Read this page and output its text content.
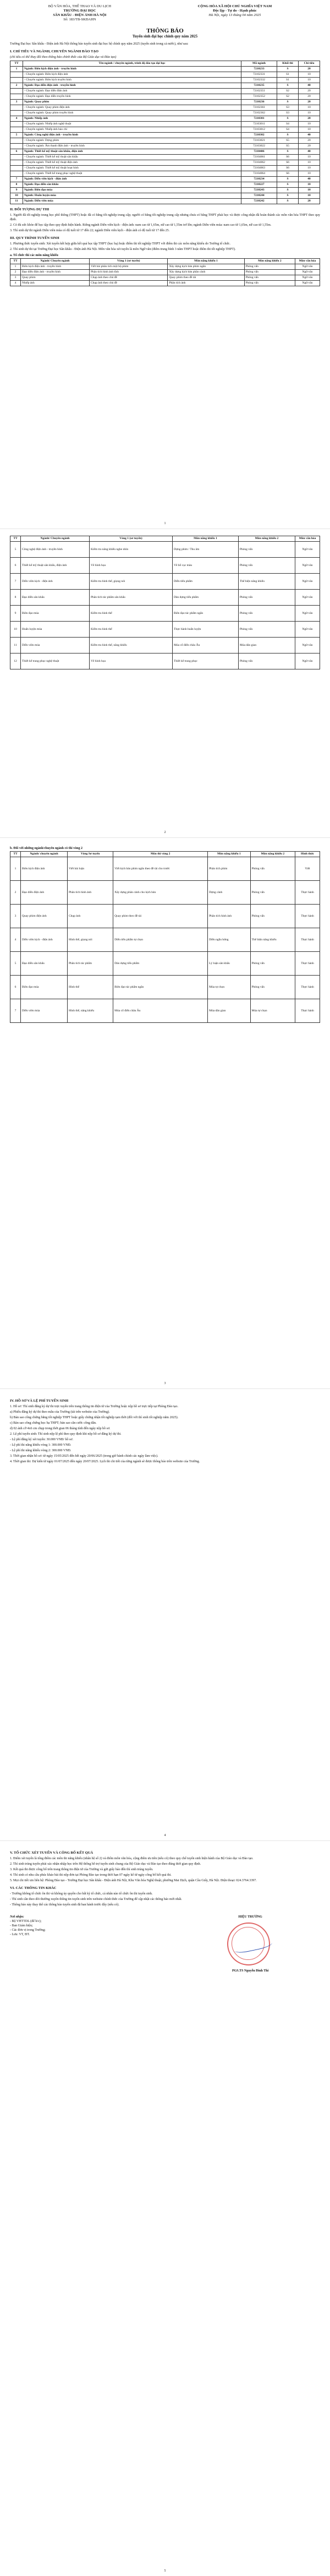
BỘ VĂN HÓA, THỂ THAO VÀ DU LỊCH
TRƯỜNG ĐẠI HỌC
SÂN KHẤU - ĐIỆN ẢNH HÀ NỘI
Số: 183/TB-SKĐAHN
CỘNG HÒA XÃ HỘI CHỦ NGHĨA VIỆT NAM
Độc lập - Tự do - Hạnh phúc
Hà Nội, ngày 13 tháng 04 năm 2025
THÔNG BÁO
Tuyển sinh đại học chính quy năm 2025
Trường Đại học Sân khấu - Điện ảnh Hà Nội thông báo tuyển sinh đại học hệ chính quy năm 2025 (tuyển sinh trong cả nước), như sau:
I. CHỈ TIÊU VÀ NGÀNH, CHUYÊN NGÀNH ĐÀO TẠO
(chỉ tiêu có thể thay đổi theo thông báo chính thức của Bộ Giáo dục và Đào tạo)
TT	Tên ngành / chuyên ngành, trình độ đào tạo đại học	Mã ngành	Khối thi	Chỉ tiêu
1	Ngành: Biên kịch điện ảnh - truyền hình	7210233	S	20
	- Chuyên ngành: Biên kịch điện ảnh	72102331	S1	10
	- Chuyên ngành: Biên kịch truyền hình	72102332	S1	10
2	Ngành: Đạo diễn điện ảnh - truyền hình	7210235	S	40
	- Chuyên ngành: Đạo diễn điện ảnh	72102351	S2	20
	- Chuyên ngành: Đạo diễn truyền hình	72102352	S2	20
3	Ngành: Quay phim	7210236	S	20
	- Chuyên ngành: Quay phim điện ảnh	72102361	S3	10
	- Chuyên ngành: Quay phim truyền hình	72102362	S3	10
4	Ngành: Nhiếp ảnh	7210301	S	20
	- Chuyên ngành: Nhiếp ảnh nghệ thuật	72103011	S4	10
	- Chuyên ngành: Nhiếp ảnh báo chí	72103012	S4	10
5	Ngành: Công nghệ điện ảnh - truyền hình	7210302	S	40
	- Chuyên ngành: Dựng phim	72103021	S5	20
	- Chuyên ngành: Âm thanh điện ảnh - truyền hình	72103022	S5	20
6	Ngành: Thiết kế mỹ thuật sân khấu, điện ảnh	7210406	S	40
	- Chuyên ngành: Thiết kế mỹ thuật sân khấu	72104061	S6	10
	- Chuyên ngành: Thiết kế mỹ thuật điện ảnh	72104062	S6	10
	- Chuyên ngành: Thiết kế mỹ thuật hoạt hình	72104063	S6	10
	- Chuyên ngành: Thiết kế trang phục nghệ thuật	72104064	S6	10
7	Ngành: Diễn viên kịch - điện ảnh	7210234	S	40
8	Ngành: Đạo diễn sân khấu	7210227	S	10
9	Ngành: Biên đạo múa	7210243	S	10
10	Ngành: Huấn luyện múa	7210244	S	10
11	Ngành: Diễn viên múa	7210242	S	20
II. ĐỐI TƯỢNG DỰ THI
1. Người đã tốt nghiệp trung học phổ thông (THPT) hoặc đã có bằng tốt nghiệp trung cấp; người có bằng tốt nghiệp trung cấp nhưng chưa có bằng THPT phải học và được công nhận đã hoàn thành các môn văn hóa THPT theo quy định.
2. Có đủ sức khỏe để học tập theo quy định hiện hành. Riêng ngành Diễn viên kịch - điện ảnh: nam cao từ 1,65m, nữ cao từ 1,55m trở lên; ngành Diễn viên múa: nam cao từ 1,65m, nữ cao từ 1,55m.
3. Thí sinh dự thi ngành Diễn viên múa có độ tuổi từ 17 đến 22; ngành Diễn viên kịch - điện ảnh có độ tuổi từ 17 đến 25.
III. QUY TRÌNH TUYỂN SINH
1. Phương thức tuyển sinh: Xét tuyển kết hợp giữa kết quả học tập THPT (học bạ) hoặc điểm thi tốt nghiệp THPT với điểm thi các môn năng khiếu do Trường tổ chức.
2. Thí sinh dự thi tại Trường Đại học Sân khấu - Điện ảnh Hà Nội. Môn văn hóa xét tuyển là môn Ngữ văn (điểm trung bình 3 năm THPT hoặc điểm thi tốt nghiệp THPT).
a. Tổ chức thi các môn năng khiếu
TT	Ngành/ Chuyên ngành	Vòng 1 (sơ tuyển)	Môn năng khiếu 1	Môn năng khiếu 2	Môn văn hóa
1	Biên kịch điện ảnh - truyền hình	Viết bài phân tích một bộ phim	Xây dựng kịch bản phim ngắn	Phỏng vấn	Ngữ văn
2	Đạo diễn điện ảnh - truyền hình	Phân tích hình ảnh tĩnh	Xây dựng kịch bản phân cảnh	Phỏng vấn	Ngữ văn
3	Quay phim	Chụp ảnh theo chủ đề	Quay phim theo đề tài	Phỏng vấn	Ngữ văn
4	Nhiếp ảnh	Chụp ảnh theo chủ đề	Phân tích ảnh	Phỏng vấn	Ngữ văn
1
TT	Ngành/ Chuyên ngành	Vòng 1 (sơ tuyển)	Môn năng khiếu 1	Môn năng khiếu 2	Môn văn hóa
5	Công nghệ điện ảnh - truyền hình	Kiểm tra năng khiếu nghe nhìn	Dựng phim / Thu âm	Phỏng vấn	Ngữ văn
6	Thiết kế mỹ thuật sân khấu, điện ảnh	Vẽ hình họa	Vẽ bố cục màu	Phỏng vấn	Ngữ văn
7	Diễn viên kịch - điện ảnh	Kiểm tra hình thể, giọng nói	Diễn tiểu phẩm	Thể hiện năng khiếu	Ngữ văn
8	Đạo diễn sân khấu	Phân tích tác phẩm sân khấu	Dàn dựng tiểu phẩm	Phỏng vấn	Ngữ văn
9	Biên đạo múa	Kiểm tra hình thể	Biên đạo tác phẩm ngắn	Phỏng vấn	Ngữ văn
10	Huấn luyện múa	Kiểm tra hình thể	Thực hành huấn luyện	Phỏng vấn	Ngữ văn
11	Diễn viên múa	Kiểm tra hình thể, năng khiếu	Múa cổ điển châu Âu	Múa dân gian	Ngữ văn
12	Thiết kế trang phục nghệ thuật	Vẽ hình họa	Thiết kế trang phục	Phỏng vấn	Ngữ văn
2
b. Đối với những ngành/chuyên ngành có thi vòng 2
TT	Ngành/ chuyên ngành	Vòng Sơ tuyển	Môn thi vòng 2	Môn năng khiếu 1	Môn năng khiếu 2	Hình thức
1	Biên kịch điện ảnh	Viết bài luận	Viết kịch bản phim ngắn theo đề tài cho trước	Phân tích phim	Phỏng vấn	Viết
2	Đạo diễn điện ảnh	Phân tích hình ảnh	Xây dựng phân cảnh cho kịch bản	Dựng cảnh	Phỏng vấn	Thực hành
3	Quay phim điện ảnh	Chụp ảnh	Quay phim theo đề tài	Phân tích hình ảnh	Phỏng vấn	Thực hành
4	Diễn viên kịch - điện ảnh	Hình thể, giọng nói	Diễn tiểu phẩm tự chọn	Diễn ngẫu hứng	Thể hiện năng khiếu	Thực hành
5	Đạo diễn sân khấu	Phân tích tác phẩm	Dàn dựng tiểu phẩm	Lý luận sân khấu	Phỏng vấn	Thực hành
6	Biên đạo múa	Hình thể	Biên đạo tác phẩm ngắn	Múa tự chọn	Phỏng vấn	Thực hành
7	Diễn viên múa	Hình thể, năng khiếu	Múa cổ điển châu Âu	Múa dân gian	Múa tự chọn	Thực hành
3
IV. HỒ SƠ VÀ LỆ PHÍ TUYỂN SINH
1. Hồ sơ: Thí sinh đăng ký dự thi trực tuyến trên trang thông tin điện tử của Trường hoặc nộp hồ sơ trực tiếp tại Phòng Đào tạo.
a) Phiếu đăng ký dự thi theo mẫu của Trường (tải trên website của Trường).
b) Bản sao công chứng bằng tốt nghiệp THPT hoặc giấy chứng nhận tốt nghiệp tạm thời (đối với thí sinh tốt nghiệp năm 2025).
c) Bản sao công chứng học bạ THPT; bản sao căn cước công dân.
d) 02 ảnh cỡ 4x6 cm chụp trong thời gian 06 tháng tính đến ngày nộp hồ sơ.
2. Lệ phí tuyển sinh: Thí sinh nộp lệ phí theo quy định khi nộp hồ sơ đăng ký dự thi.
- Lệ phí đăng ký xét tuyển: 30.000 VNĐ/ hồ sơ.
- Lệ phí thi năng khiếu vòng 1: 300.000 VNĐ.
- Lệ phí thi năng khiếu vòng 2: 300.000 VNĐ.
3. Thời gian nhận hồ sơ: từ ngày 15/05/2025 đến hết ngày 20/06/2025 (trong giờ hành chính các ngày làm việc).
4. Thời gian thi: Dự kiến từ ngày 01/07/2025 đến ngày 20/07/2025. Lịch thi chi tiết của từng ngành sẽ được thông báo trên website của Trường.
4
V. TỔ CHỨC XÉT TUYỂN VÀ CÔNG BỐ KẾT QUẢ
1. Điểm xét tuyển là tổng điểm các môn thi năng khiếu (nhân hệ số 2) và điểm môn văn hóa, cộng điểm ưu tiên (nếu có) theo quy chế tuyển sinh hiện hành của Bộ Giáo dục và Đào tạo.
2. Thí sinh trúng tuyển phải xác nhận nhập học trên Hệ thống hỗ trợ tuyển sinh chung của Bộ Giáo dục và Đào tạo theo đúng thời gian quy định.
3. Kết quả thi được công bố trên trang thông tin điện tử của Trường và gửi giấy báo đến thí sinh trúng tuyển.
4. Thí sinh có nhu cầu phúc khảo bài thi nộp đơn tại Phòng Đào tạo trong thời hạn 07 ngày kể từ ngày công bố kết quả thi.
5. Mọi chi tiết xin liên hệ: Phòng Đào tạo - Trường Đại học Sân khấu - Điện ảnh Hà Nội, Khu Văn hóa Nghệ thuật, phường Mai Dịch, quận Cầu Giấy, Hà Nội. Điện thoại: 024.3764.3397.
VI. CÁC THÔNG TIN KHÁC
- Trường không tổ chức ôn thi và không ủy quyền cho bất kỳ tổ chức, cá nhân nào tổ chức ôn thi tuyển sinh.
- Thí sinh cần theo dõi thường xuyên thông tin tuyển sinh trên website chính thức của Trường để cập nhật các thông báo mới nhất.
- Thông báo này thay thế các thông báo tuyển sinh đã ban hành trước đây (nếu có).
Nơi nhận:
- Bộ VHTTDL (để b/c);
- Ban Giám hiệu;
- Các đơn vị trong Trường;
- Lưu: VT, ĐT.
HIỆU TRƯỞNG
PGS.TS Nguyễn Đình Thi
5
